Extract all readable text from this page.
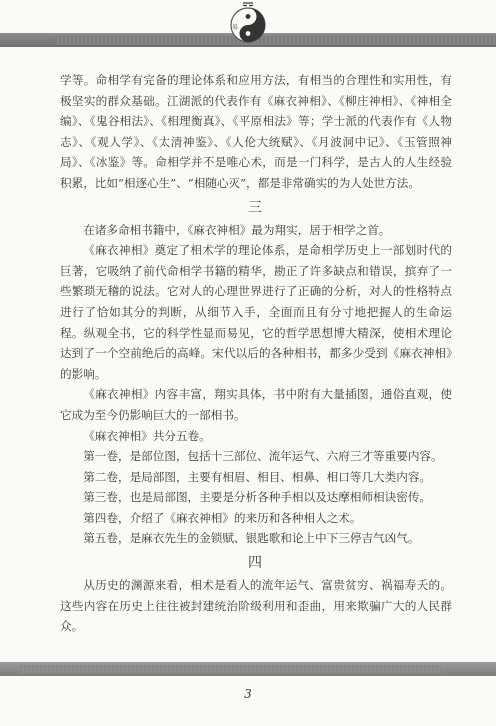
易	语

学等。命相学有完备的理论体系和应用方法，有相当的合理性和实用性，有极坚实的群众基础。江湖派的代表作有《麻衣神相》、《柳庄神相》、《神相全编》、《鬼谷相法》、《相理衡真》、《平原相法》等；学士派的代表作有《人物志》、《观人学》、《太清神鉴》、《人伦大统赋》、《月波洞中记》、《玉管照神局》、《冰鉴》等。命相学并不是唯心术，而是一门科学，是古人的人生经验积累，比如“相逐心生”、“相随心灭”，都是非常确实的为人处世方法。

三

在诸多命相书籍中，《麻衣神相》最为翔实，居于相学之首。

《麻衣神相》奠定了相术学的理论体系，是命相学历史上一部划时代的巨著，它吸纳了前代命相学书籍的精华，勘正了许多缺点和错误，摈弃了一些繁琐无稽的说法。它对人的心理世界进行了正确的分析，对人的性格特点进行了恰如其分的判断，从细节入手，全面而且有分寸地把握人的生命运程。纵观全书，它的科学性显而易见，它的哲学思想博大精深，使相术理论达到了一个空前绝后的高峰。宋代以后的各种相书，都多少受到《麻衣神相》的影响。

《麻衣神相》内容丰富，翔实具体，书中附有大量插图，通俗直观，使它成为至今仍影响巨大的一部相书。

《麻衣神相》共分五卷。

第一卷，是部位图，包括十三部位、流年运气、六府三才等重要内容。

第二卷，是局部图，主要有相眉、相目、相鼻、相口等几大类内容。

第三卷，也是局部图，主要是分析各种手相以及达摩相师相诀密传。

第四卷，介绍了《麻衣神相》的来历和各种相人之术。

第五卷，是麻衣先生的金锁赋、银匙歌和论上中下三停吉气凶气。

四

从历史的渊源来看，相术是看人的流年运气、富贵贫穷、祸福寿夭的。这些内容在历史上往往被封建统治阶级利用和歪曲，用来欺骗广大的人民群众。

3
